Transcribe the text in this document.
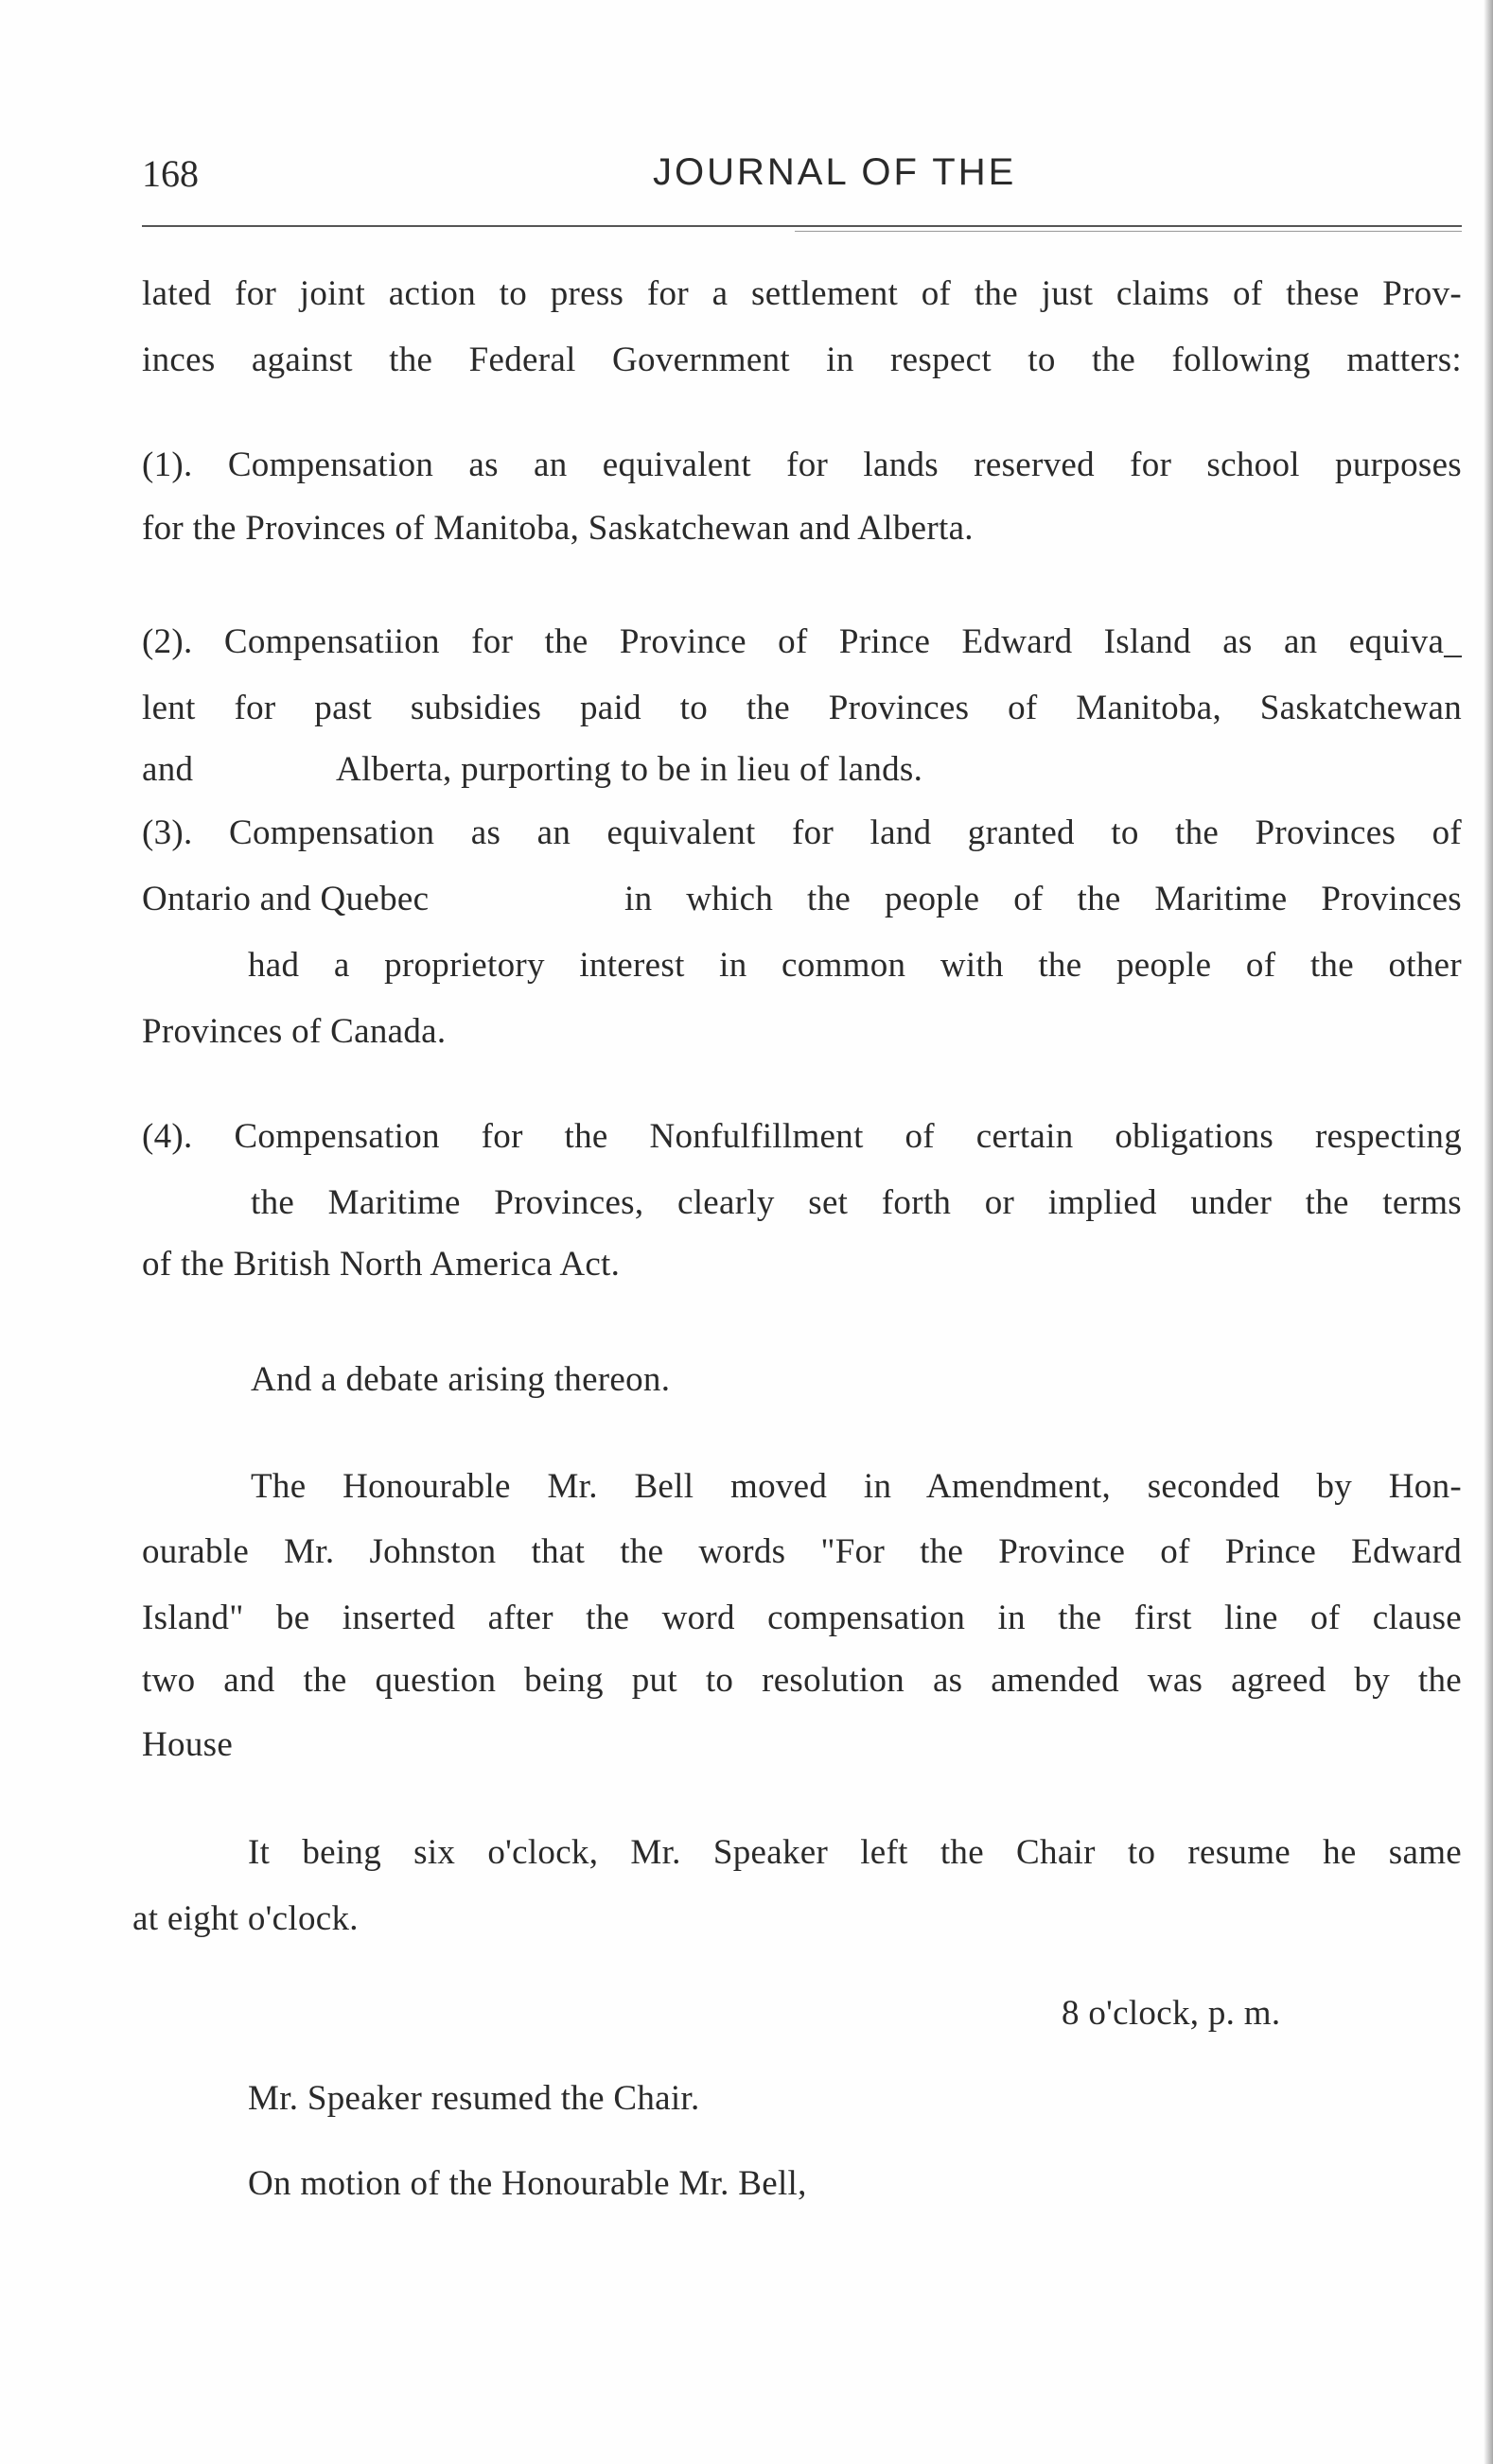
168	JOURNAL OF THE
lated for joint action to press for a settlement of the just claims of these Prov-
inces against the Federal Government in respect to the following matters:
(1). Compensation as an equivalent for lands reserved for school purposes
for the Provinces of Manitoba, Saskatchewan and Alberta.
(2). Compensatiion for the Province of Prince Edward Island as an equiva_
lent for past subsidies paid to the Provinces of Manitoba, Saskatchewan
and	Alberta, purporting to be in lieu of lands.
(3). Compensation as an equivalent for land granted to the Provinces of
Ontario and Quebec	in which the people of the Maritime Provinces
had a proprietory interest in common with the people of the other
Provinces of Canada.
(4). Compensation for the Nonfulfillment of certain obligations respecting
the Maritime Provinces, clearly set forth or implied under the terms
of the British North America Act.
And a debate arising thereon.
The Honourable Mr. Bell moved in Amendment, seconded by Hon-
ourable Mr. Johnston that the words "For the Province of Prince Edward
Island" be inserted after the word compensation in the first line of clause
two and the question being put to resolution as amended was agreed by the
House
It being six o'clock, Mr. Speaker left the Chair to resume he same
at eight o'clock.
8 o'clock, p. m.
Mr. Speaker resumed the Chair.
On motion of the Honourable Mr. Bell,
